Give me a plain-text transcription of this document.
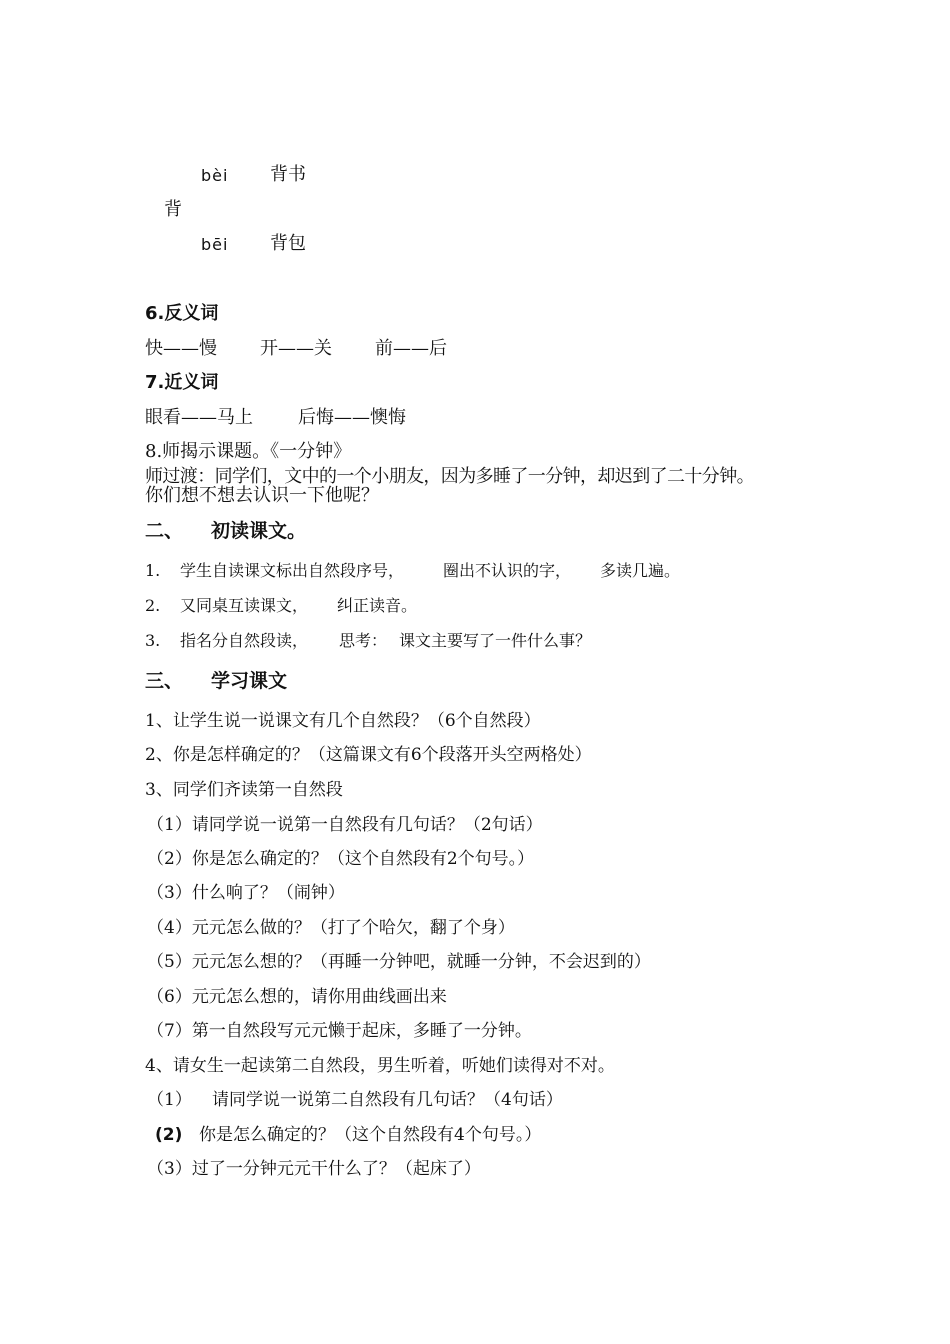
bèi 背书
背
bēi 背包
6.反义词
快——慢 开——关 前——后
7.近义词
眼看——马上	后悔——懊悔
8.师揭示课题。《一分钟》
师过渡：同学们，文中的一个小朋友，因为多睡了一分钟，却迟到了二十分钟。
你们想不想去认识一下他呢？
二、 初读课文。
1. 学生自读课文标出自然段序号， 圈出不认识的字， 多读几遍。
2. 又同桌互读课文， 纠正读音。
3. 指名分自然段读， 思考： 课文主要写了一件什么事？
三、 学习课文
1、让学生说一说课文有几个自然段？（6个自然段）
2、你是怎样确定的？（这篇课文有6个段落开头空两格处）
3、同学们齐读第一自然段
（1）请同学说一说第一自然段有几句话？（2句话）
（2）你是怎么确定的？（这个自然段有2个句号。）
（3）什么响了？（闹钟）
（4）元元怎么做的？（打了个哈欠，翻了个身）
（5）元元怎么想的？（再睡一分钟吧，就睡一分钟，不会迟到的）
（6）元元怎么想的，请你用曲线画出来
（7）第一自然段写元元懒于起床，多睡了一分钟。
4、请女生一起读第二自然段，男生听着，听她们读得对不对。
（1） 请同学说一说第二自然段有几句话？（4句话）
(2) 你是怎么确定的？（这个自然段有4个句号。）
（3）过了一分钟元元干什么了？（起床了）
